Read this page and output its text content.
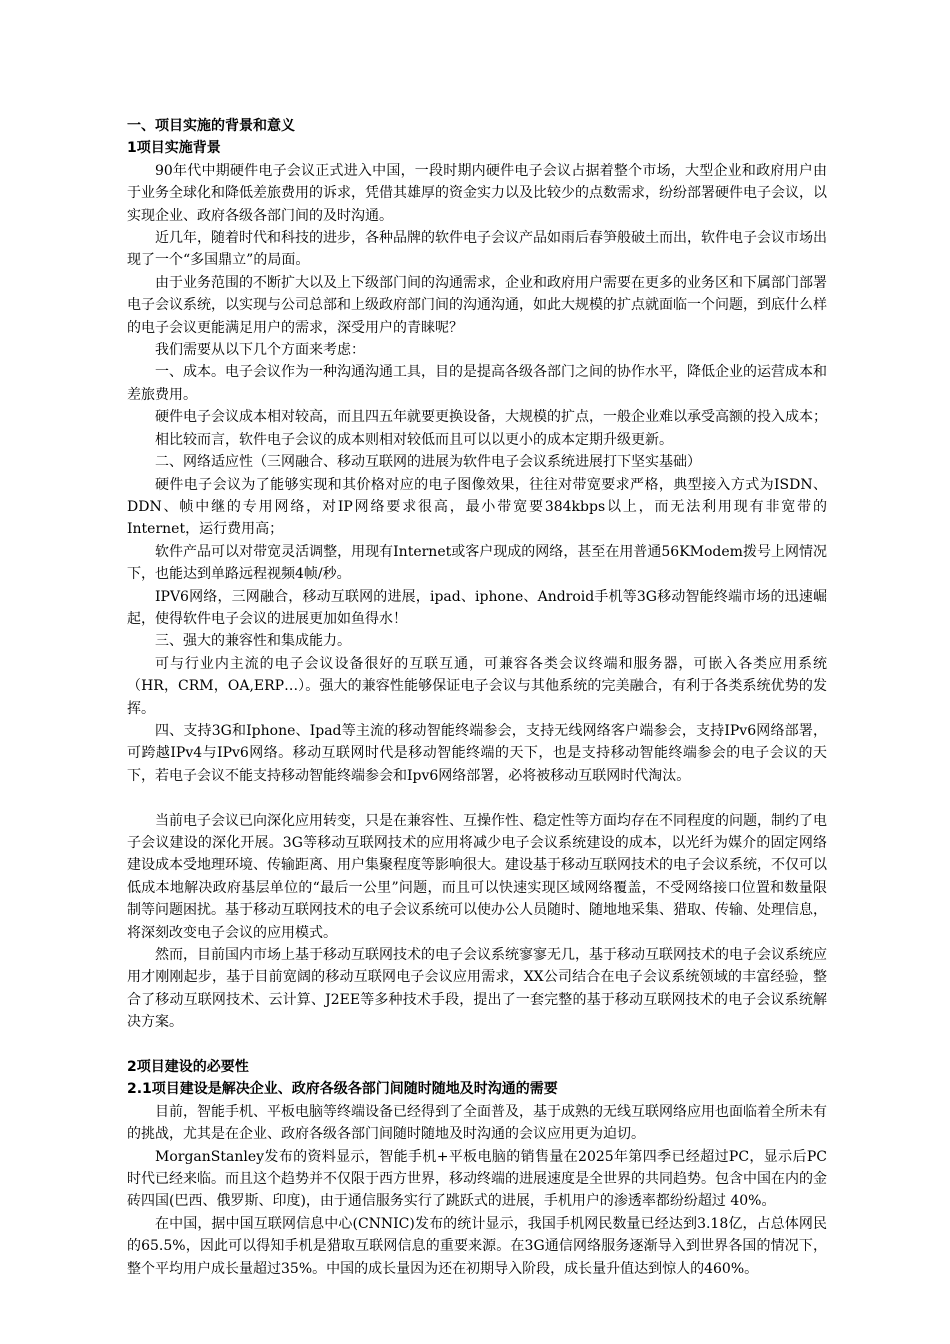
一、项目实施的背景和意义
1项目实施背景

90年代中期硬件电子会议正式进入中国，一段时期内硬件电子会议占据着整个市场，大型企业和政府用户由于业务全球化和降低差旅费用的诉求，凭借其雄厚的资金实力以及比较少的点数需求，纷纷部署硬件电子会议，以实现企业、政府各级各部门间的及时沟通。

近几年，随着时代和科技的进步，各种品牌的软件电子会议产品如雨后春笋般破土而出，软件电子会议市场出现了一个“多国鼎立”的局面。

由于业务范围的不断扩大以及上下级部门间的沟通需求，企业和政府用户需要在更多的业务区和下属部门部署电子会议系统，以实现与公司总部和上级政府部门间的沟通沟通，如此大规模的扩点就面临一个问题，到底什么样的电子会议更能满足用户的需求，深受用户的青睐呢？

我们需要从以下几个方面来考虑：

一、成本。电子会议作为一种沟通沟通工具，目的是提高各级各部门之间的协作水平，降低企业的运营成本和差旅费用。

硬件电子会议成本相对较高，而且四五年就要更换设备，大规模的扩点，一般企业难以承受高额的投入成本；

相比较而言，软件电子会议的成本则相对较低而且可以以更小的成本定期升级更新。

二、网络适应性（三网融合、移动互联网的进展为软件电子会议系统进展打下坚实基础）

硬件电子会议为了能够实现和其价格对应的电子图像效果，往往对带宽要求严格，典型接入方式为ISDN、DDN、帧中继的专用网络，对IP网络要求很高，最小带宽要384kbps以上，而无法利用现有非宽带的Internet，运行费用高；

软件产品可以对带宽灵活调整，用现有Internet或客户现成的网络，甚至在用普通56KModem拨号上网情况下，也能达到单路远程视频4帧/秒。

IPV6网络，三网融合，移动互联网的进展，ipad、iphone、Android手机等3G移动智能终端市场的迅速崛起，使得软件电子会议的进展更加如鱼得水！

三、强大的兼容性和集成能力。

可与行业内主流的电子会议设备很好的互联互通，可兼容各类会议终端和服务器，可嵌入各类应用系统（HR，CRM，OA,ERP…）。强大的兼容性能够保证电子会议与其他系统的完美融合，有利于各类系统优势的发挥。

四、支持3G和Iphone、Ipad等主流的移动智能终端参会，支持无线网络客户端参会，支持IPv6网络部署，可跨越IPv4与IPv6网络。移动互联网时代是移动智能终端的天下，也是支持移动智能终端参会的电子会议的天下，若电子会议不能支持移动智能终端参会和Ipv6网络部署，必将被移动互联网时代淘汰。

当前电子会议已向深化应用转变，只是在兼容性、互操作性、稳定性等方面均存在不同程度的问题，制约了电子会议建设的深化开展。3G等移动互联网技术的应用将减少电子会议系统建设的成本，以光纤为媒介的固定网络建设成本受地理环境、传输距离、用户集聚程度等影响很大。建设基于移动互联网技术的电子会议系统，不仅可以低成本地解决政府基层单位的“最后一公里”问题，而且可以快速实现区域网络覆盖，不受网络接口位置和数量限制等问题困扰。基于移动互联网技术的电子会议系统可以使办公人员随时、随地地采集、猎取、传输、处理信息，将深刻改变电子会议的应用模式。

然而，目前国内市场上基于移动互联网技术的电子会议系统寥寥无几，基于移动互联网技术的电子会议系统应用才刚刚起步，基于目前宽阔的移动互联网电子会议应用需求，XX公司结合在电子会议系统领域的丰富经验，整合了移动互联网技术、云计算、J2EE等多种技术手段，提出了一套完整的基于移动互联网技术的电子会议系统解决方案。

2项目建设的必要性
2.1项目建设是解决企业、政府各级各部门间随时随地及时沟通的需要

目前，智能手机、平板电脑等终端设备已经得到了全面普及，基于成熟的无线互联网络应用也面临着全所未有的挑战，尤其是在企业、政府各级各部门间随时随地及时沟通的会议应用更为迫切。

MorganStanley发布的资料显示，智能手机+平板电脑的销售量在2025年第四季已经超过PC，显示后PC时代已经来临。而且这个趋势并不仅限于西方世界，移动终端的进展速度是全世界的共同趋势。包含中国在内的金砖四国(巴西、俄罗斯、印度)，由于通信服务实行了跳跃式的进展，手机用户的渗透率都纷纷超过 40%。

在中国，据中国互联网信息中心(CNNIC)发布的统计显示，我国手机网民数量已经达到3.18亿，占总体网民的65.5%，因此可以得知手机是猎取互联网信息的重要来源。在3G通信网络服务逐渐导入到世界各国的情况下，整个平均用户成长量超过35%。中国的成长量因为还在初期导入阶段，成长量升值达到惊人的460%。
